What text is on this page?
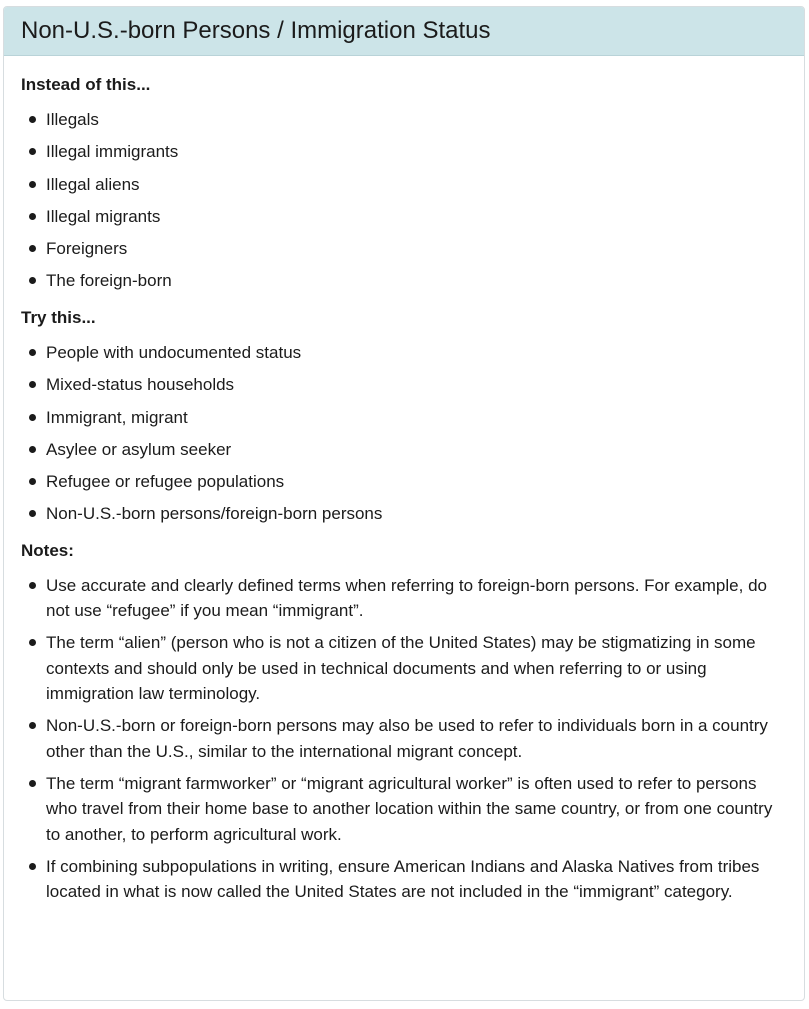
Non-U.S.-born Persons / Immigration Status
Instead of this...
Illegals
Illegal immigrants
Illegal aliens
Illegal migrants
Foreigners
The foreign-born
Try this...
People with undocumented status
Mixed-status households
Immigrant, migrant
Asylee or asylum seeker
Refugee or refugee populations
Non-U.S.-born persons/foreign-born persons
Notes:
Use accurate and clearly defined terms when referring to foreign-born persons. For example, do not use “refugee” if you mean “immigrant”.
The term “alien” (person who is not a citizen of the United States) may be stigmatizing in some contexts and should only be used in technical documents and when referring to or using immigration law terminology.
Non-U.S.-born or foreign-born persons may also be used to refer to individuals born in a country other than the U.S., similar to the international migrant concept.
The term “migrant farmworker” or “migrant agricultural worker” is often used to refer to persons who travel from their home base to another location within the same country, or from one country to another, to perform agricultural work.
If combining subpopulations in writing, ensure American Indians and Alaska Natives from tribes located in what is now called the United States are not included in the “immigrant” category.
